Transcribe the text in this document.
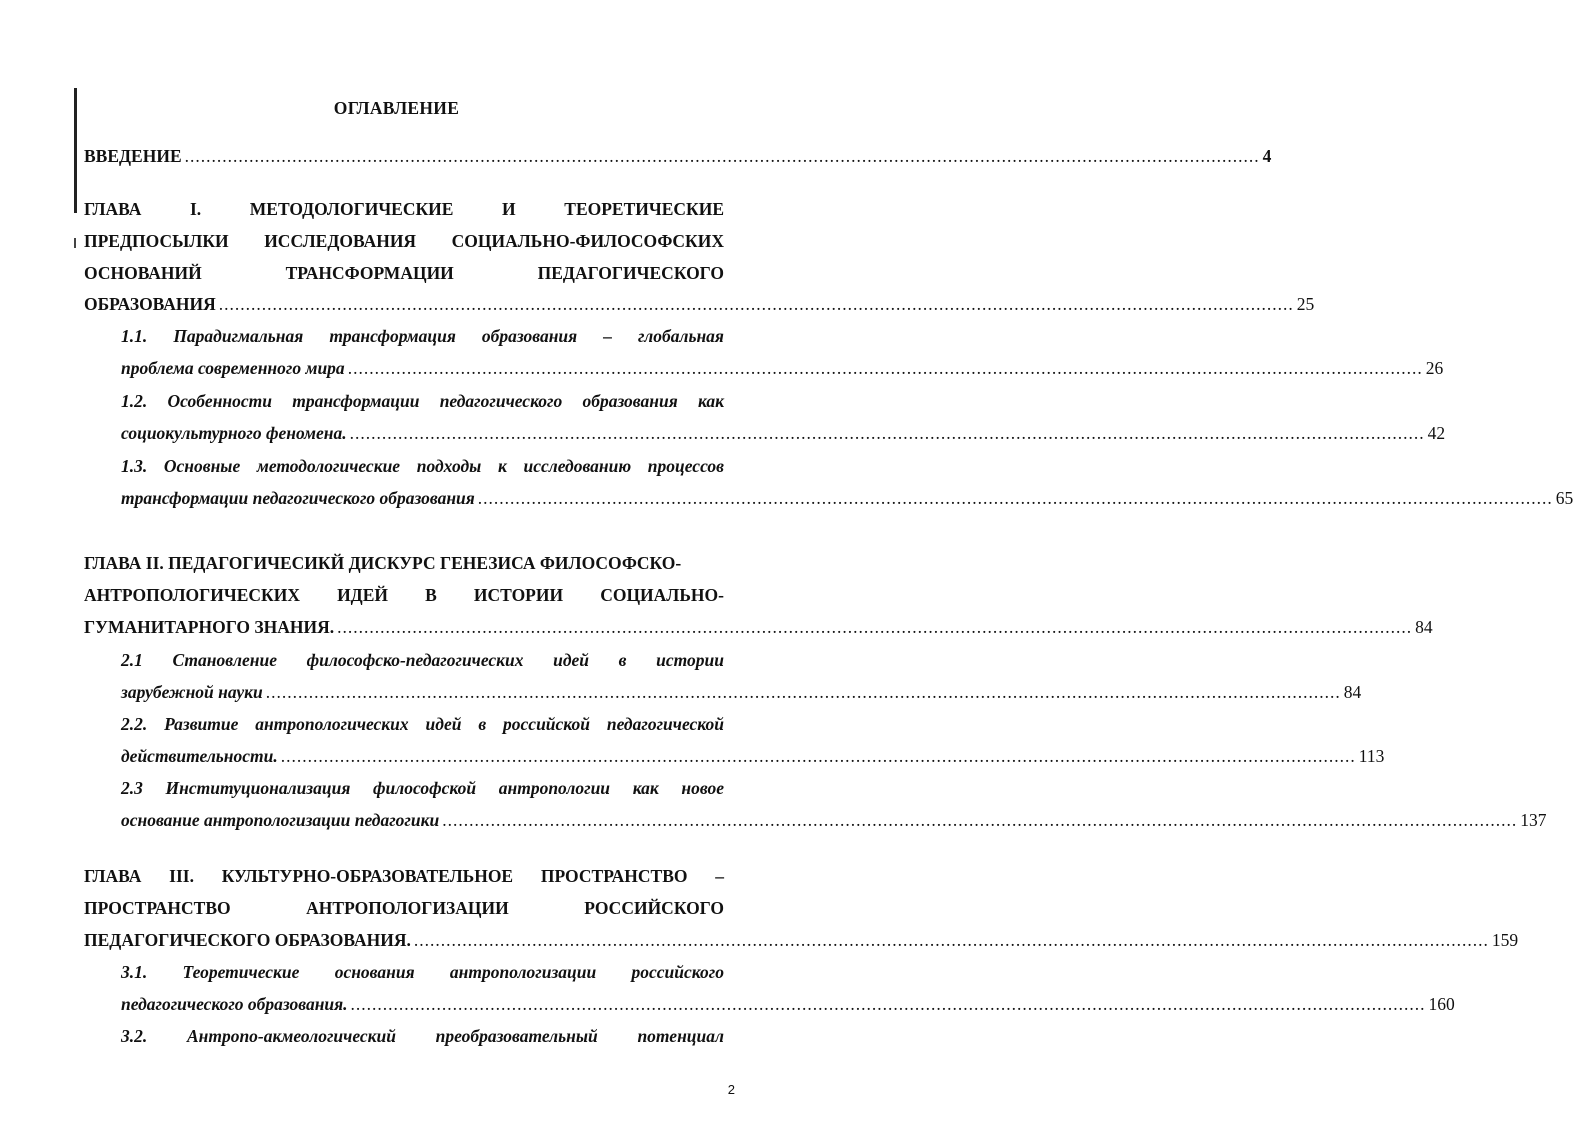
ОГЛАВЛЕНИЕ
ВВЕДЕНИЕ ........................................................................................................................................................................................................ 4
ГЛАВА	I.	МЕТОДОЛОГИЧЕСКИЕ	И	ТЕОРЕТИЧЕСКИЕ
ПРЕДПОСЫЛКИ ИССЛЕДОВАНИЯ СОЦИАЛЬНО-ФИЛОСОФСКИХ
ОСНОВАНИЙ	ТРАНСФОРМАЦИИ	ПЕДАГОГИЧЕСКОГО
ОБРАЗОВАНИЯ ........................................................................................................................................................................................................ 25
1.1. Парадигмальная трансформация образования – глобальная
проблема современного мира ........................................................................................................................................................................................................ 26
1.2. Особенности трансформации педагогического образования как
социокультурного феномена. ........................................................................................................................................................................................................ 42
1.3. Основные методологические подходы к исследованию процессов
трансформации педагогического образования ........................................................................................................................................................................................................ 65
ГЛАВА II. ПЕДАГОГИЧЕСИКЙ ДИСКУРС ГЕНЕЗИСА ФИЛОСОФСКО-
АНТРОПОЛОГИЧЕСКИХ ИДЕЙ В ИСТОРИИ СОЦИАЛЬНО-
ГУМАНИТАРНОГО ЗНАНИЯ. ........................................................................................................................................................................................................ 84
2.1 Становление философско-педагогических идей в истории
зарубежной науки ........................................................................................................................................................................................................ 84
2.2. Развитие антропологических идей в российской педагогической
действительности. ........................................................................................................................................................................................................ 113
2.3 Институционализация философской антропологии как новое
основание антропологизации педагогики ........................................................................................................................................................................................................ 137
ГЛАВА III. КУЛЬТУРНО-ОБРАЗОВАТЕЛЬНОЕ ПРОСТРАНСТВО –
ПРОСТРАНСТВО	АНТРОПОЛОГИЗАЦИИ	РОССИЙСКОГО
ПЕДАГОГИЧЕСКОГО ОБРАЗОВАНИЯ. ........................................................................................................................................................................................................ 159
3.1. Теоретические основания антропологизации российского
педагогического образования. ........................................................................................................................................................................................................ 160
3.2. Антропо-акмеологический преобразовательный потенциал
2
